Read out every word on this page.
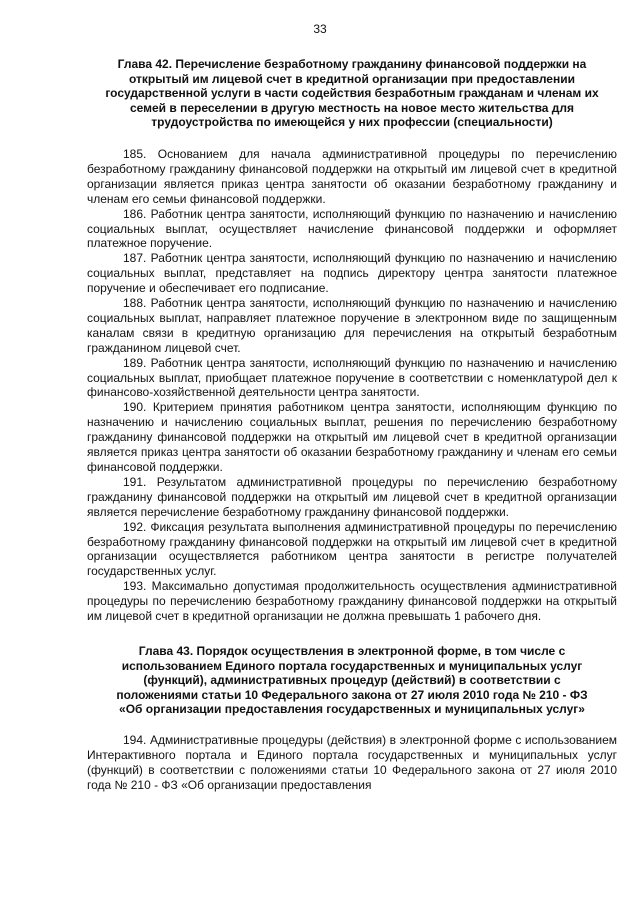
33
Глава 42. Перечисление безработному гражданину финансовой поддержки на
открытый им лицевой счет в кредитной организации при предоставлении
государственной услуги в части содействия безработным гражданам и членам их
семей в переселении в другую местность на новое место жительства для
трудоустройства по имеющейся у них профессии (специальности)

185. Основанием для начала административной процедуры по перечислению безработному гражданину финансовой поддержки на открытый им лицевой счет в кредитной организации является приказ центра занятости об оказании безработному гражданину и членам его семьи финансовой поддержки.

186. Работник центра занятости, исполняющий функцию по назначению и начислению социальных выплат, осуществляет начисление финансовой поддержки и оформляет платежное поручение.

187. Работник центра занятости, исполняющий функцию по назначению и начислению социальных выплат, представляет на подпись директору центра занятости платежное поручение и обеспечивает его подписание.

188. Работник центра занятости, исполняющий функцию по назначению и начислению социальных выплат, направляет платежное поручение в электронном виде по защищенным каналам связи в кредитную организацию для перечисления на открытый безработным гражданином лицевой счет.

189. Работник центра занятости, исполняющий функцию по назначению и начислению социальных выплат, приобщает платежное поручение в соответствии с номенклатурой дел к финансово-хозяйственной деятельности центра занятости.

190. Критерием принятия работником центра занятости, исполняющим функцию по назначению и начислению социальных выплат, решения по перечислению безработному гражданину финансовой поддержки на открытый им лицевой счет в кредитной организации является приказ центра занятости об оказании безработному гражданину и членам его семьи финансовой поддержки.

191. Результатом административной процедуры по перечислению безработному гражданину финансовой поддержки на открытый им лицевой счет в кредитной организации является перечисление безработному гражданину финансовой поддержки.

192. Фиксация результата выполнения административной процедуры по перечислению безработному гражданину финансовой поддержки на открытый им лицевой счет в кредитной организации осуществляется работником центра занятости в регистре получателей государственных услуг.

193. Максимально допустимая продолжительность осуществления административной процедуры по перечислению безработному гражданину финансовой поддержки на открытый им лицевой счет в кредитной организации не должна превышать 1 рабочего дня.

Глава 43. Порядок осуществления в электронной форме, в том числе с
использованием Единого портала государственных и муниципальных услуг
(функций), административных процедур (действий) в соответствии с
положениями статьи 10 Федерального закона от 27 июля 2010 года № 210 - ФЗ
«Об организации предоставления государственных и муниципальных услуг»

194. Административные процедуры (действия) в электронной форме с использованием Интерактивного портала и Единого портала государственных и муниципальных услуг (функций) в соответствии с положениями статьи 10 Федерального закона от 27 июля 2010 года № 210 - ФЗ «Об организации предоставления
